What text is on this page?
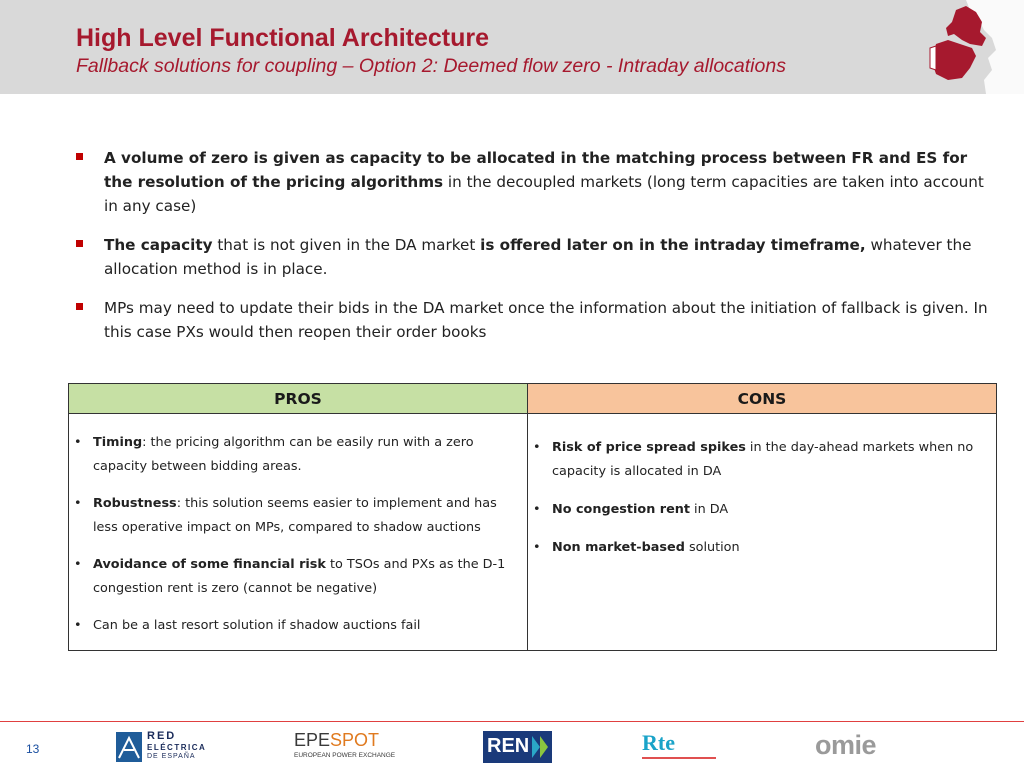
High Level Functional Architecture
Fallback solutions for coupling – Option 2: Deemed flow zero - Intraday allocations
A volume of zero is given as capacity to be allocated in the matching process between FR and ES for the resolution of the pricing algorithms in the decoupled markets (long term capacities are taken into account in any case)
The capacity that is not given in the DA market is offered later on in the intraday timeframe, whatever the allocation method is in place.
MPs may need to update their bids in the DA market once the information about the initiation of fallback is given. In this case PXs would then reopen their order books
PROS
• Timing: the pricing algorithm can be easily run with a zero capacity between bidding areas.
• Robustness: this solution seems easier to implement and has less operative impact on MPs, compared to shadow auctions
• Avoidance of some financial risk to TSOs and PXs as the D-1 congestion rent is zero (cannot be negative)
• Can be a last resort solution if shadow auctions fail
CONS
• Risk of price spread spikes in the day-ahead markets when no capacity is allocated in DA
• No congestion rent in DA
• Non market-based solution
13
RED
ELÉCTRICA
DE ESPAÑA
EPESPOT
EUROPEAN POWER EXCHANGE	REN	Rte	omie
